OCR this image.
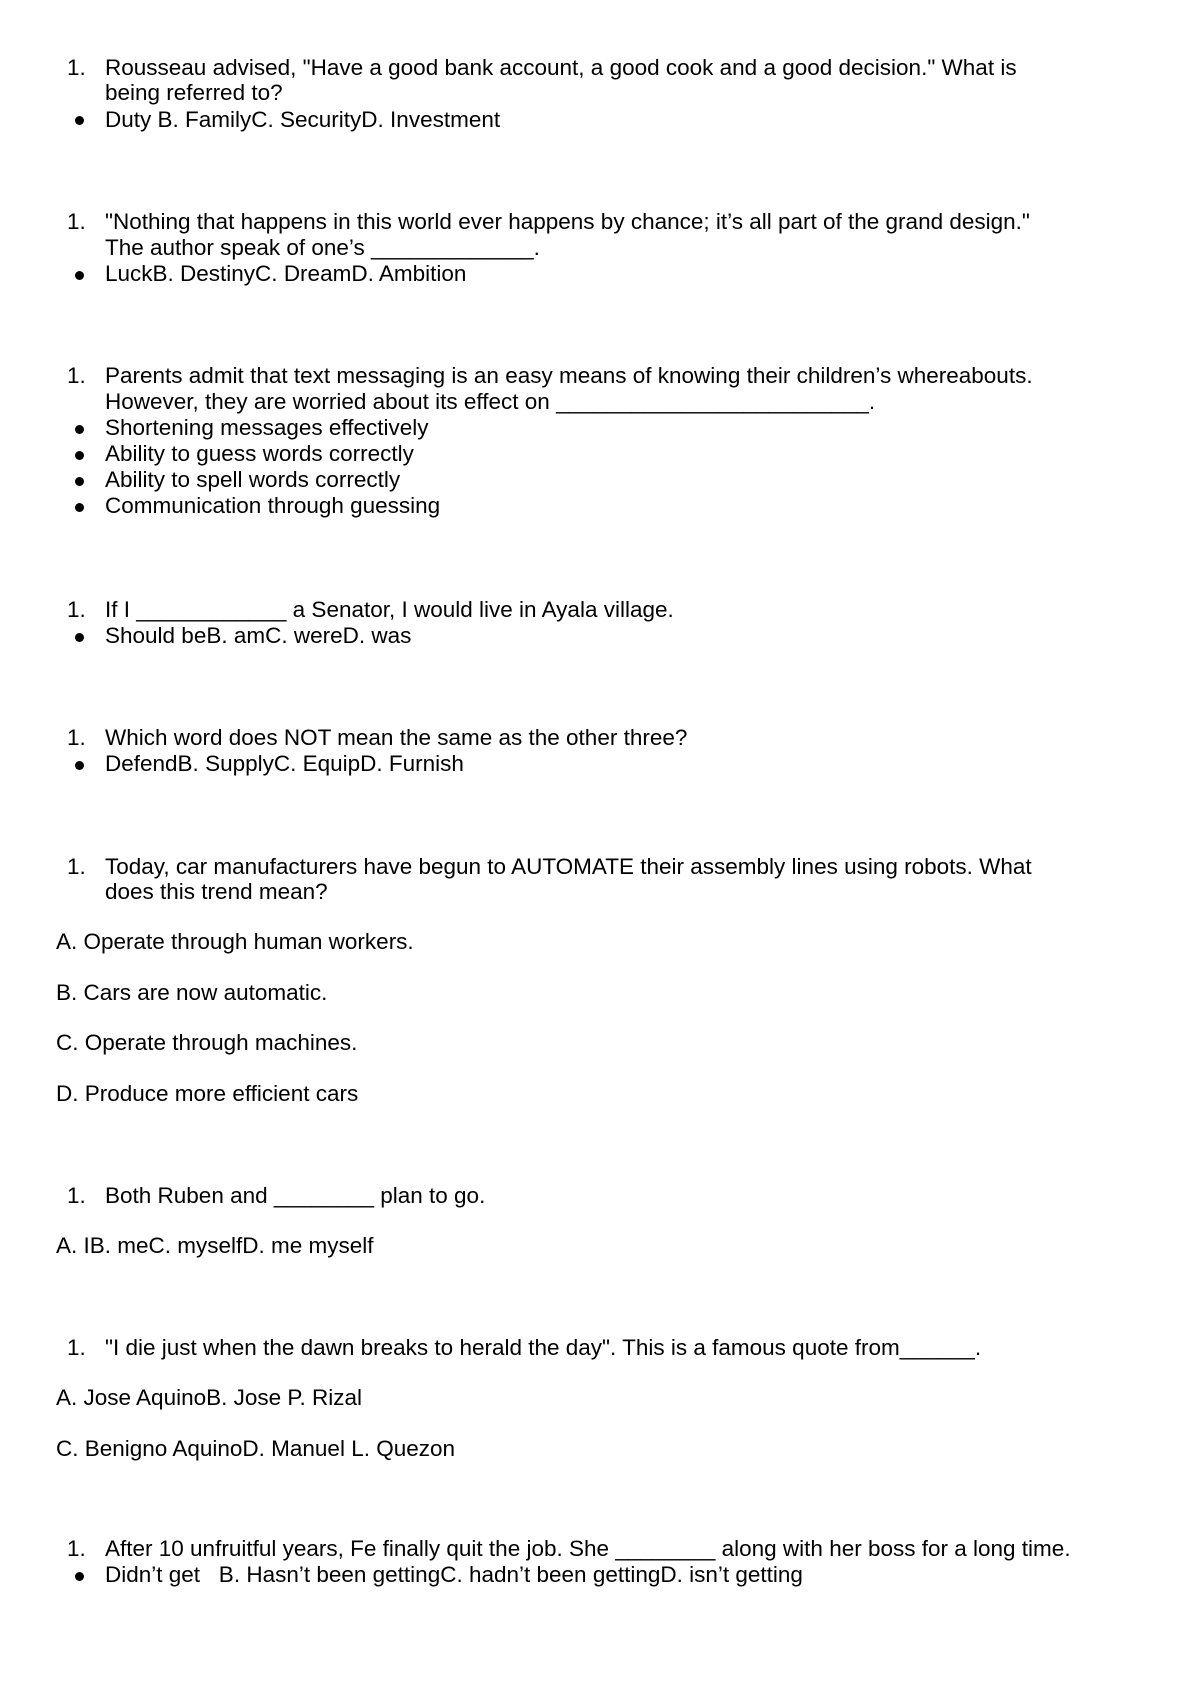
1. Rousseau advised, "Have a good bank account, a good cook and a good decision." What is
being referred to?
Duty B. FamilyC. SecurityD. Investment
1. "Nothing that happens in this world ever happens by chance; it’s all part of the grand design."
The author speak of one’s _____________.
LuckB. DestinyC. DreamD. Ambition
1. Parents admit that text messaging is an easy means of knowing their children’s whereabouts.
However, they are worried about its effect on _________________________.
Shortening messages effectively
Ability to guess words correctly
Ability to spell words correctly
Communication through guessing
1. If I ____________ a Senator, I would live in Ayala village.
Should beB. amC. wereD. was
1. Which word does NOT mean the same as the other three?
DefendB. SupplyC. EquipD. Furnish
1. Today, car manufacturers have begun to AUTOMATE their assembly lines using robots. What
does this trend mean?
A. Operate through human workers.
B. Cars are now automatic.
C. Operate through machines.
D. Produce more efficient cars
1. Both Ruben and ________ plan to go.
A. IB. meC. myselfD. me myself
1. "I die just when the dawn breaks to herald the day". This is a famous quote from______.
A. Jose AquinoB. Jose P. Rizal
C. Benigno AquinoD. Manuel L. Quezon
1. After 10 unfruitful years, Fe finally quit the job. She ________ along with her boss for a long time.
Didn’t get   B. Hasn’t been gettingC. hadn’t been gettingD. isn’t getting
